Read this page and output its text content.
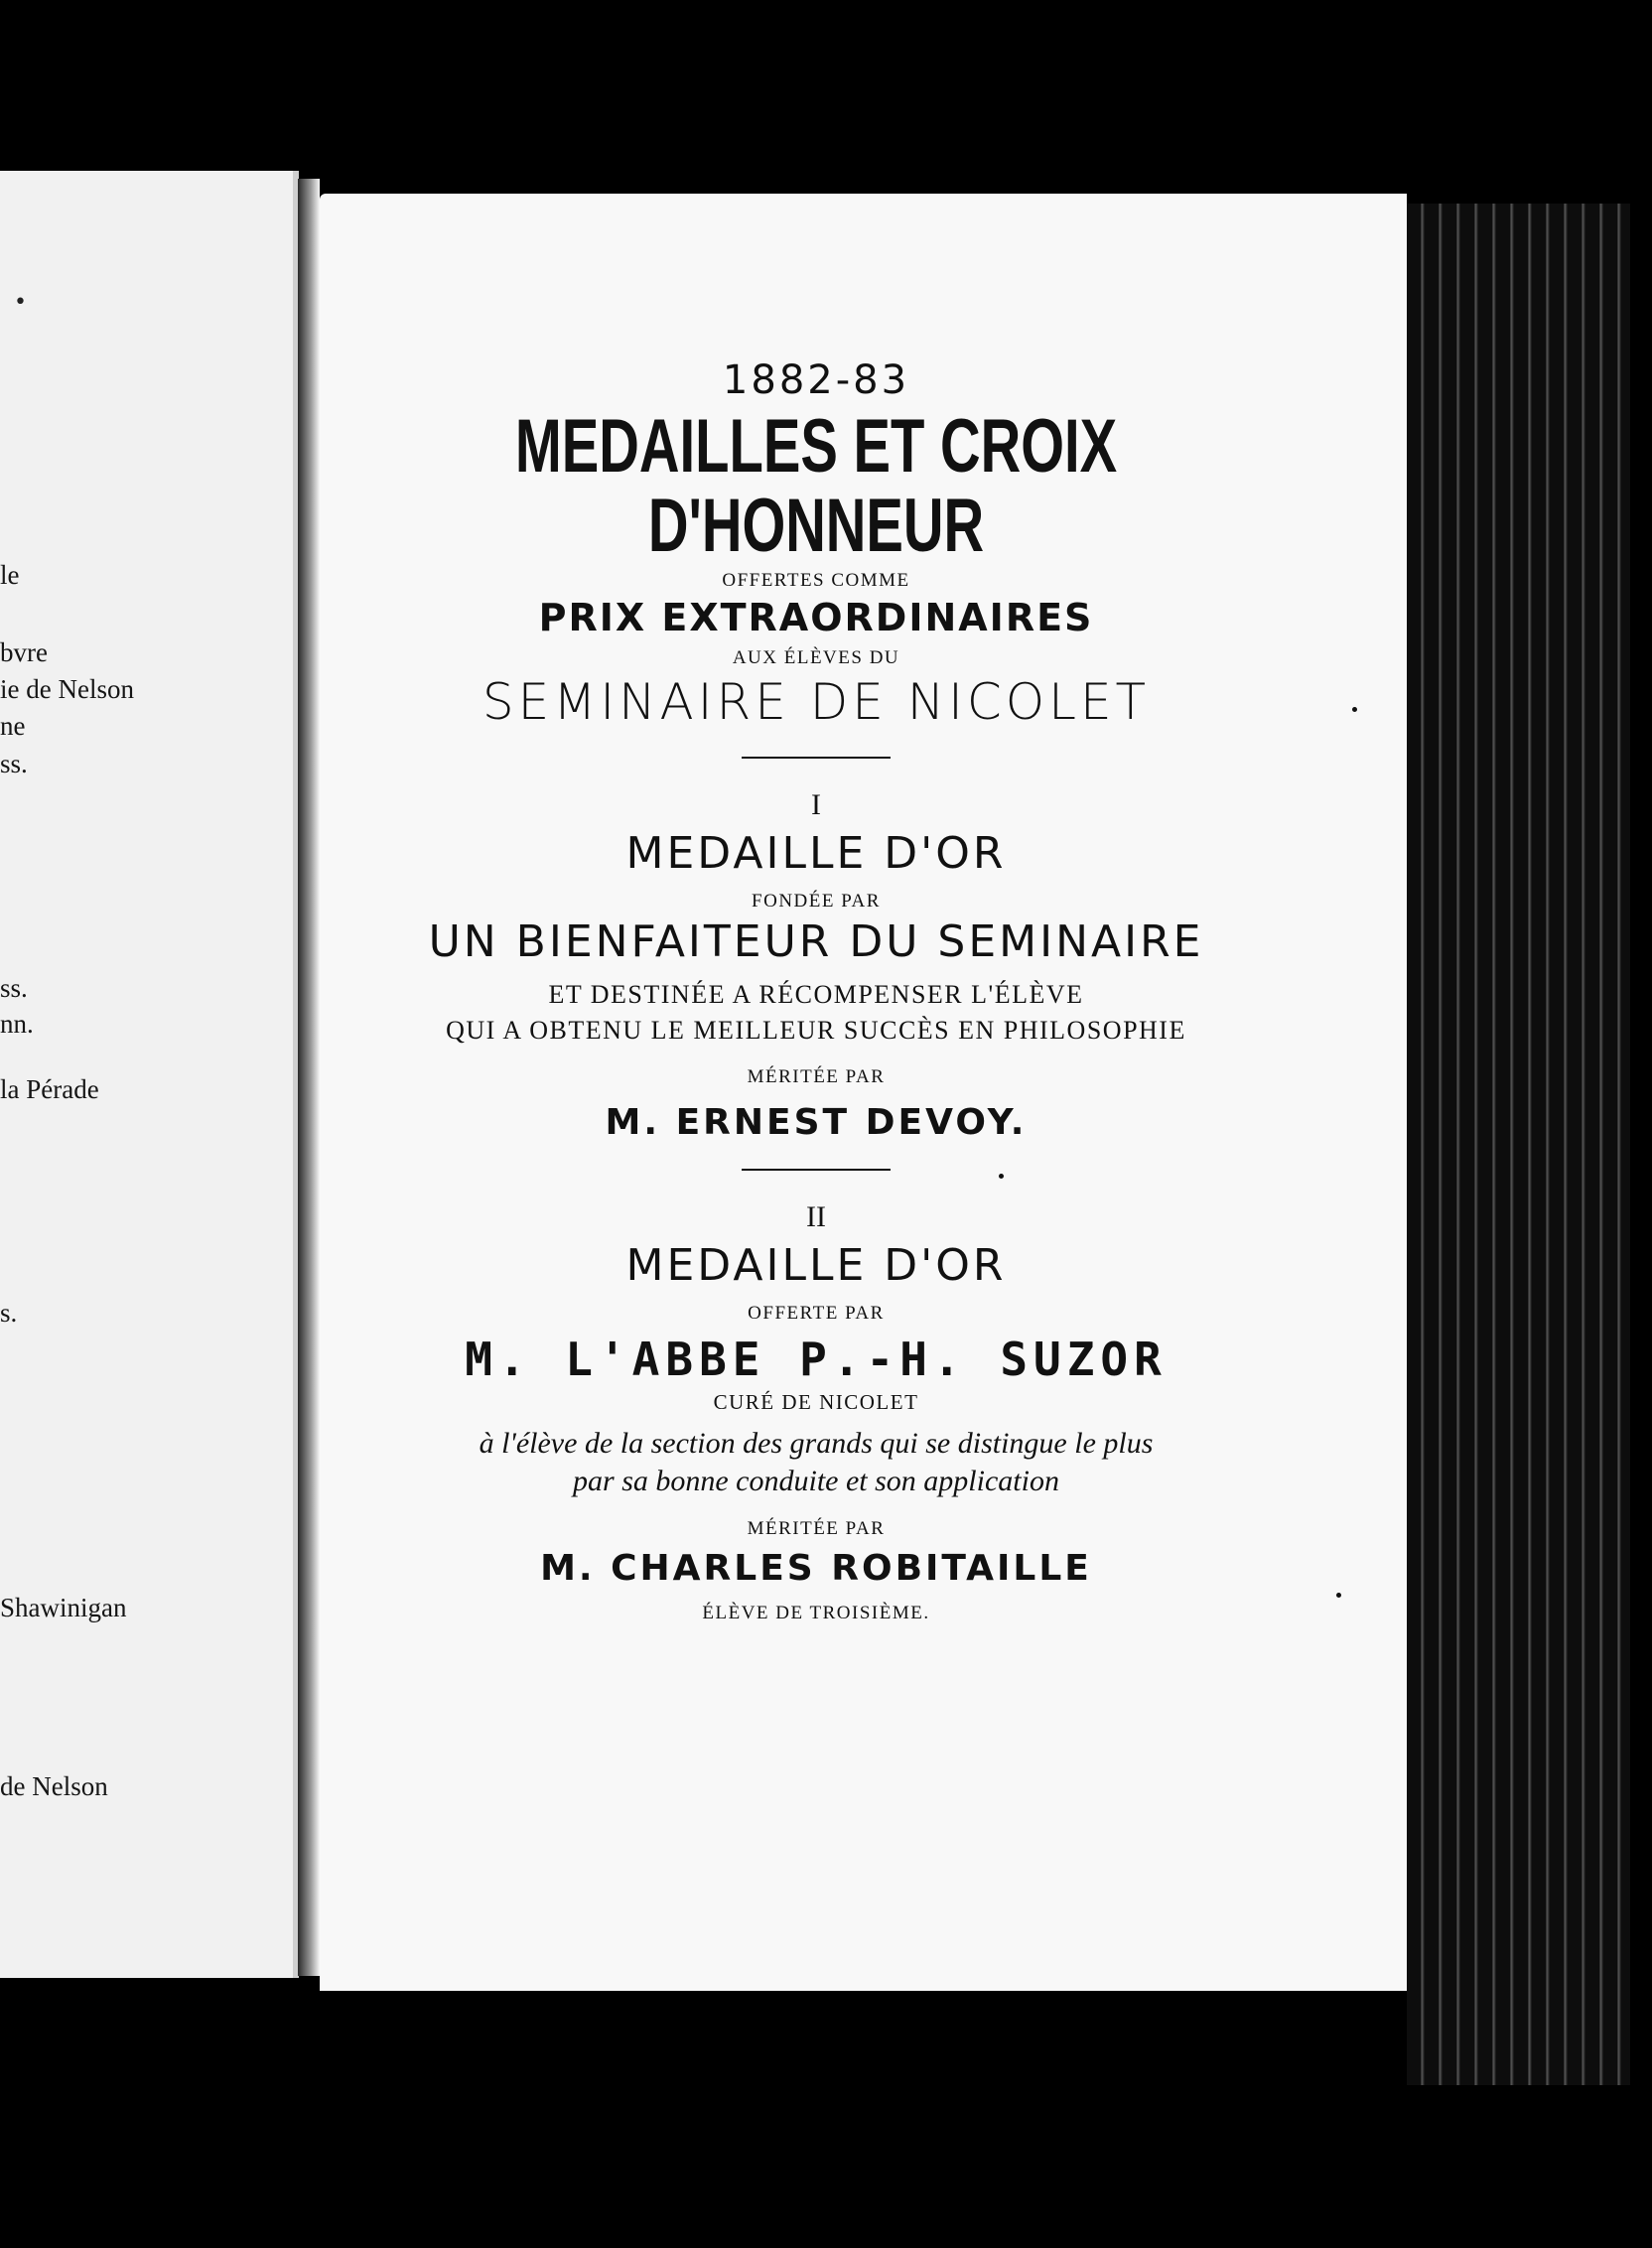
•
le
bvre
ie de Nelson
ne
ss.
ss.
nn.
la Pérade
s.
Shawinigan
de Nelson
1882-83
MEDAILLES ET CROIX D'HONNEUR
OFFERTES COMME
PRIX EXTRAORDINAIRES
AUX ÉLÈVES DU
SEMINAIRE DE NICOLET
I
MEDAILLE D'OR
FONDÉE PAR
UN BIENFAITEUR DU SEMINAIRE
ET DESTINÉE A RÉCOMPENSER L'ÉLÈVE
QUI A OBTENU LE MEILLEUR SUCCÈS EN PHILOSOPHIE
MÉRITÉE PAR
M. ERNEST DEVOY.
II
MEDAILLE D'OR
OFFERTE PAR
M. L'ABBE P.-H. SUZOR
CURÉ DE NICOLET
à l'élève de la section des grands qui se distingue le plus
par sa bonne conduite et son application
MÉRITÉE PAR
M. CHARLES ROBITAILLE
ÉLÈVE DE TROISIÈME.
